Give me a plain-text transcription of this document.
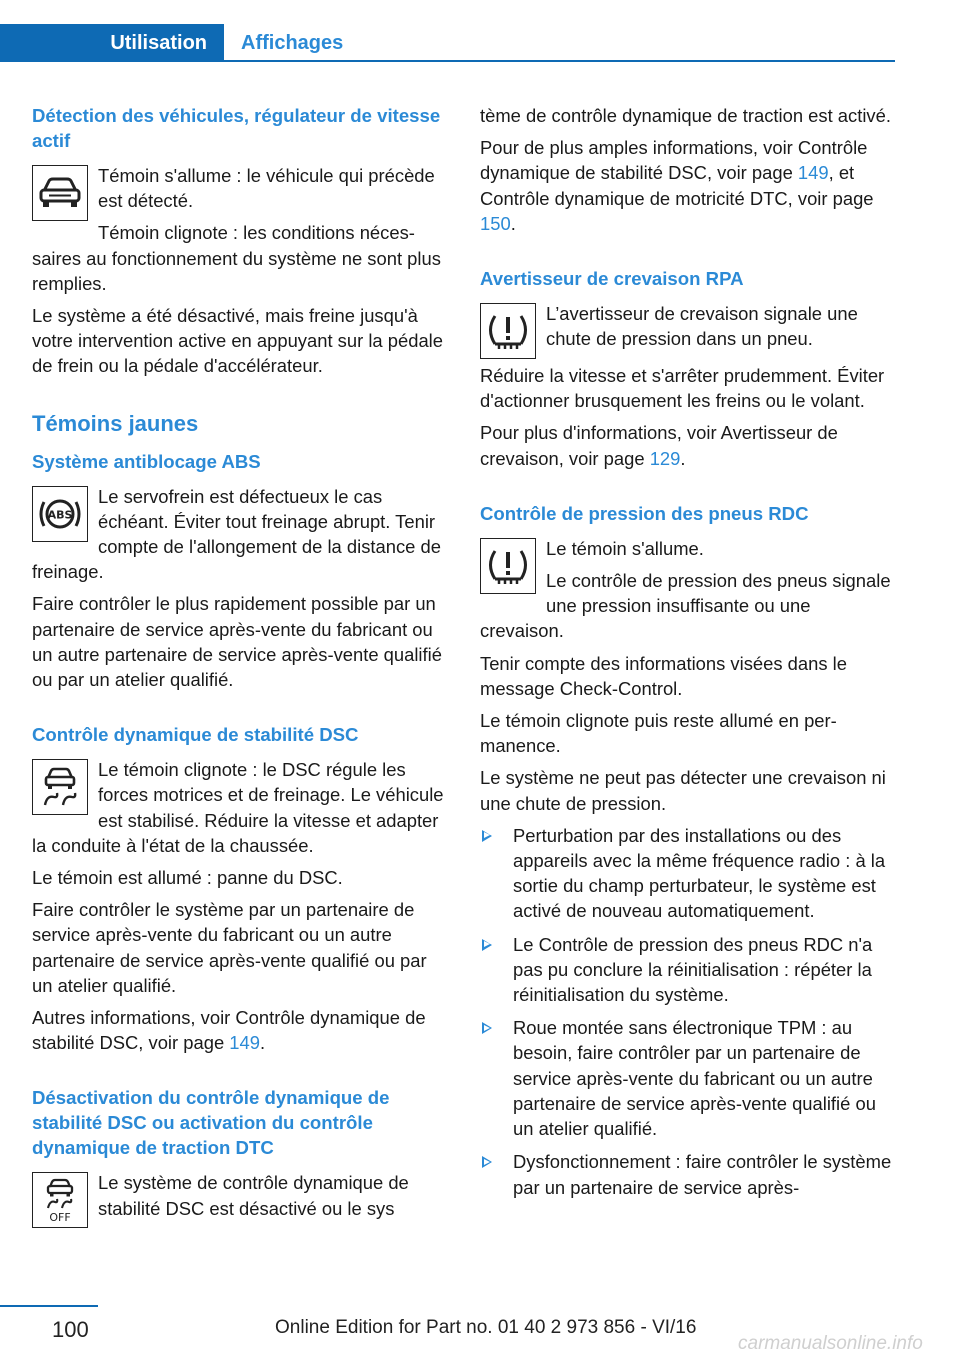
Utilisation	Affichages
Détection des véhicules, régulateur de vitesse actif

Témoin s'allume : le véhicule qui précède est détecté.

Témoin clignote : les conditions nécessaires au fonctionnement du système ne sont plus remplies.

Le système a été désactivé, mais freine jusqu'à votre intervention active en appuyant sur la pédale de frein ou la pédale d'accélérateur.

Témoins jaunes
Système antiblocage ABS
ABS

Le servofrein est défectueux le cas échéant. Éviter tout freinage abrupt. Tenir compte de l'allongement de la distance de freinage.

Faire contrôler le plus rapidement possible par un partenaire de service après-vente du fabricant ou un autre partenaire de service après-vente qualifié ou par un atelier qualifié.

Contrôle dynamique de stabilité DSC

Le témoin clignote : le DSC régule les forces motrices et de freinage. Le véhicule est stabilisé. Réduire la vitesse et adapter la conduite à l'état de la chaussée.

Le témoin est allumé : panne du DSC.

Faire contrôler le système par un partenaire de service après-vente du fabricant ou un autre partenaire de service après-vente qualifié ou par un atelier qualifié.

Autres informations, voir Contrôle dynamique de stabilité DSC, voir page 149.

Désactivation du contrôle dynamique de stabilité DSC ou activation du contrôle dynamique de traction DTC
OFF

Le système de contrôle dynamique de stabilité DSC est désactivé ou le sys

tème de contrôle dynamique de traction est activé.

Pour de plus amples informations, voir Contrôle dynamique de stabilité DSC, voir page 149, et Contrôle dynamique de motricité DTC, voir page 150.

Avertisseur de crevaison RPA

L’avertisseur de crevaison signale une chute de pression dans un pneu.

Réduire la vitesse et s'arrêter prudemment. Éviter d'actionner brusquement les freins ou le volant.

Pour plus d'informations, voir Avertisseur de crevaison, voir page 129.

Contrôle de pression des pneus RDC

Le témoin s'allume.

Le contrôle de pression des pneus signale une pression insuffisante ou une crevaison.

Tenir compte des informations visées dans le message Check-Control.

Le témoin clignote puis reste allumé en permanence.

Le système ne peut pas détecter une crevaison ni une chute de pression.

Perturbation par des installations ou des appareils avec la même fréquence radio : à la sortie du champ perturbateur, le système est activé de nouveau automatiquement.
Le Contrôle de pression des pneus RDC n'a pas pu conclure la réinitialisation : répéter la réinitialisation du système.
Roue montée sans électronique TPM : au besoin, faire contrôler par un partenaire de service après-vente du fabricant ou un autre partenaire de service après-vente qualifié ou un atelier qualifié.
Dysfonctionnement : faire contrôler le système par un partenaire de service après-
100	Online Edition for Part no. 01 40 2 973 856 - VI/16
carmanualsonline.info
